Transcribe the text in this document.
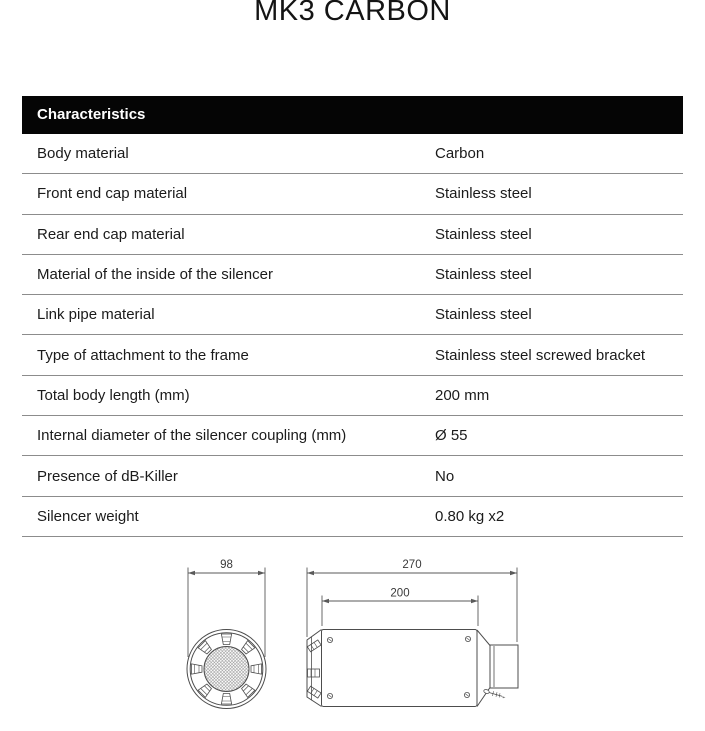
MK3 CARBON
Characteristics
Body material	Carbon
Front end cap material	Stainless steel
Rear end cap material	Stainless steel
Material of the inside of the silencer	Stainless steel
Link pipe material	Stainless steel
Type of attachment to the frame	Stainless steel screwed bracket
Total body length (mm)	200 mm
Internal diameter of the silencer coupling (mm)	Ø 55
Presence of dB-Killer	No
Silencer weight	0.80 kg x2
98	270
200
